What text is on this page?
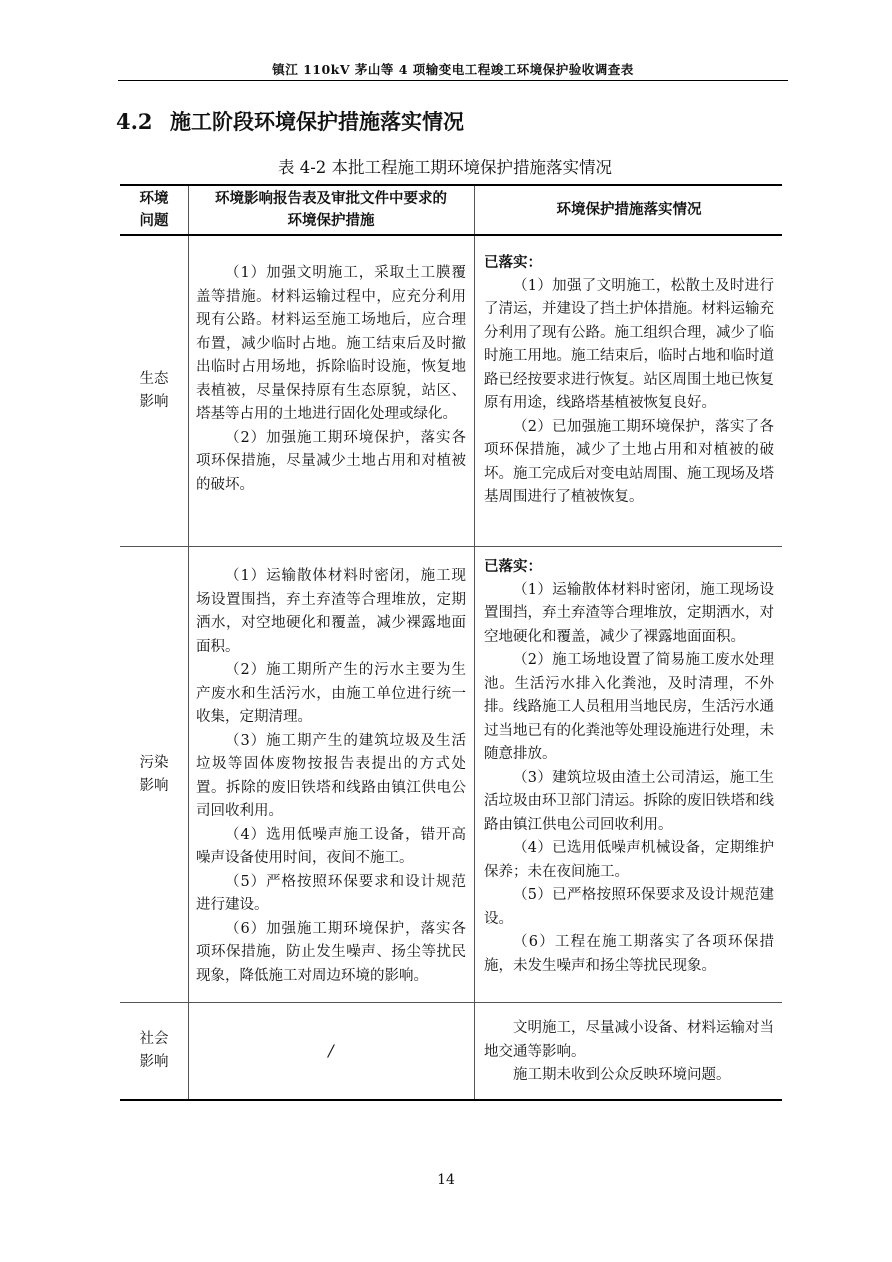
镇江 110kV 茅山等 4 项输变电工程竣工环境保护验收调查表
4.2 施工阶段环境保护措施落实情况
表 4-2 本批工程施工期环境保护措施落实情况
环境
问题
环境影响报告表及审批文件中要求的
环境保护措施
环境保护措施落实情况
生态
影响

（1）加强文明施工，采取土工膜覆盖等措施。材料运输过程中，应充分利用现有公路。材料运至施工场地后，应合理布置，减少临时占地。施工结束后及时撤出临时占用场地，拆除临时设施，恢复地表植被，尽量保持原有生态原貌，站区、塔基等占用的土地进行固化处理或绿化。

（2）加强施工期环境保护，落实各项环保措施，尽量减少土地占用和对植被的破坏。

已落实：

（1）加强了文明施工，松散土及时进行了清运，并建设了挡土护体措施。材料运输充分利用了现有公路。施工组织合理，减少了临时施工用地。施工结束后，临时占地和临时道路已经按要求进行恢复。站区周围土地已恢复原有用途，线路塔基植被恢复良好。

（2）已加强施工期环境保护，落实了各项环保措施，减少了土地占用和对植被的破坏。施工完成后对变电站周围、施工现场及塔基周围进行了植被恢复。

污染
影响

（1）运输散体材料时密闭，施工现场设置围挡，弃土弃渣等合理堆放，定期洒水，对空地硬化和覆盖，减少裸露地面面积。

（2）施工期所产生的污水主要为生产废水和生活污水，由施工单位进行统一收集，定期清理。

（3）施工期产生的建筑垃圾及生活垃圾等固体废物按报告表提出的方式处置。拆除的废旧铁塔和线路由镇江供电公司回收利用。

（4）选用低噪声施工设备，错开高噪声设备使用时间，夜间不施工。

（5）严格按照环保要求和设计规范进行建设。

（6）加强施工期环境保护，落实各项环保措施，防止发生噪声、扬尘等扰民现象，降低施工对周边环境的影响。

已落实：

（1）运输散体材料时密闭，施工现场设置围挡，弃土弃渣等合理堆放，定期洒水，对空地硬化和覆盖，减少了裸露地面面积。

（2）施工场地设置了简易施工废水处理池。生活污水排入化粪池，及时清理，不外排。线路施工人员租用当地民房，生活污水通过当地已有的化粪池等处理设施进行处理，未随意排放。

（3）建筑垃圾由渣土公司清运，施工生活垃圾由环卫部门清运。拆除的废旧铁塔和线路由镇江供电公司回收利用。

（4）已选用低噪声机械设备，定期维护保养；未在夜间施工。

（5）已严格按照环保要求及设计规范建设。

（6）工程在施工期落实了各项环保措施，未发生噪声和扬尘等扰民现象。

社会
影响
/

文明施工，尽量减小设备、材料运输对当地交通等影响。

施工期未收到公众反映环境问题。

14
